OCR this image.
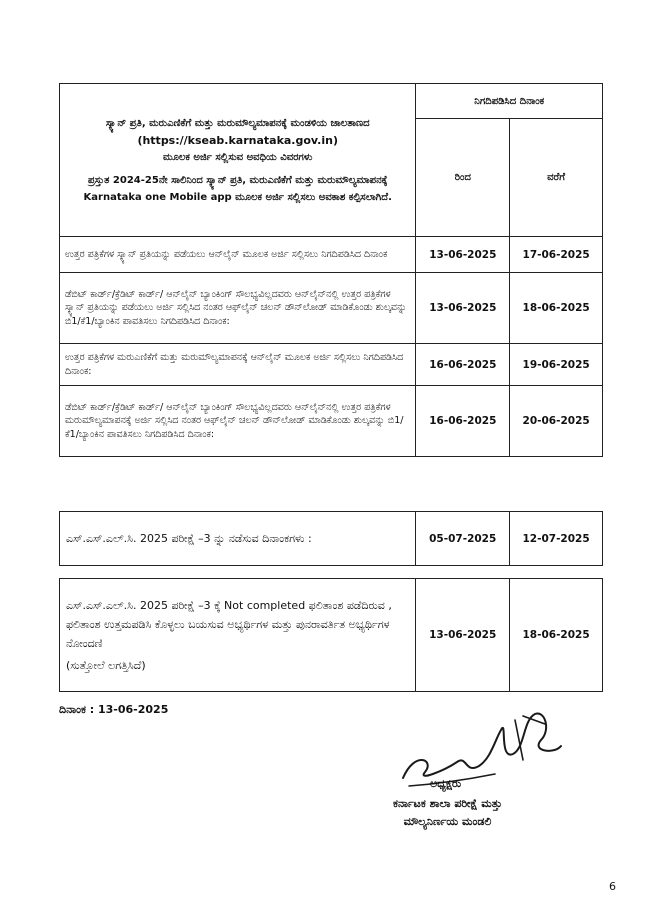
ಸ್ಕ್ಯಾನ್ ಪ್ರತಿ, ಮರುಎಣಿಕೆಗೆ ಮತ್ತು ಮರುಮೌಲ್ಯಮಾಪನಕ್ಕೆ ಮಂಡಳಿಯ ಜಾಲತಾಣದ
(https://kseab.karnataka.gov.in)
ಮೂಲಕ ಅರ್ಜಿ ಸಲ್ಲಿಸುವ ಅವಧಿಯ ವಿವರಗಳು
ಪ್ರಸ್ತುತ 2024-25ನೇ ಸಾಲಿನಿಂದ ಸ್ಕ್ಯಾನ್ ಪ್ರತಿ, ಮರುಎಣಿಕೆಗೆ ಮತ್ತು ಮರುಮೌಲ್ಯಮಾಪನಕ್ಕೆ Karnataka one Mobile app ಮೂಲಕ ಅರ್ಜಿ ಸಲ್ಲಿಸಲು ಅವಕಾಶ ಕಲ್ಪಿಸಲಾಗಿದೆ.	ನಿಗದಿಪಡಿಸಿದ ದಿನಾಂಕ	
	ರಿಂದ	ವರೆಗೆ
ಉತ್ತರ ಪತ್ರಿಕೆಗಳ ಸ್ಕ್ಯಾನ್ ಪ್ರತಿಯನ್ನು ಪಡೆಯಲು ಆನ್‌ಲೈನ್ ಮೂಲಕ ಅರ್ಜಿ ಸಲ್ಲಿಸಲು ನಿಗದಿಪಡಿಸಿದ ದಿನಾಂಕ	13-06-2025	17-06-2025
ಡೆಬಿಟ್ ಕಾರ್ಡ್/ಕ್ರೆಡಿಟ್ ಕಾರ್ಡ್/ ಆನ್‌ಲೈನ್ ಬ್ಯಾಂಕಿಂಗ್ ಸೌಲಭ್ಯವಿಲ್ಲದವರು ಆನ್‌ಲೈನ್‌ನಲ್ಲಿ ಉತ್ತರ ಪತ್ರಿಕೆಗಳ ಸ್ಕ್ಯಾನ್ ಪ್ರತಿಯನ್ನು ಪಡೆಯಲು ಅರ್ಜಿ ಸಲ್ಲಿಸಿದ ನಂತರ ಆಫ್‌ಲೈನ್ ಚಲನ್ ಡೌನ್‌ಲೋಡ್ ಮಾಡಿಕೊಂಡು ಶುಲ್ಕವನ್ನು ಬಿ1/ಕೆ1/ಬ್ಯಾಂಕಿನ ಪಾವತಿಸಲು ನಿಗದಿಪಡಿಸಿದ ದಿನಾಂಕ:	13-06-2025	18-06-2025
ಉತ್ತರ ಪತ್ರಿಕೆಗಳ ಮರುಎಣಿಕೆಗೆ ಮತ್ತು ಮರುಮೌಲ್ಯಮಾಪನಕ್ಕೆ ಆನ್‌ಲೈನ್ ಮೂಲಕ ಅರ್ಜಿ ಸಲ್ಲಿಸಲು ನಿಗದಿಪಡಿಸಿದ ದಿನಾಂಕ:	16-06-2025	19-06-2025
ಡೆಬಿಟ್ ಕಾರ್ಡ್/ಕ್ರೆಡಿಟ್ ಕಾರ್ಡ್/ ಆನ್‌ಲೈನ್ ಬ್ಯಾಂಕಿಂಗ್ ಸೌಲಭ್ಯವಿಲ್ಲದವರು ಆನ್‌ಲೈನ್‌ನಲ್ಲಿ ಉತ್ತರ ಪತ್ರಿಕೆಗಳ ಮರುಮೌಲ್ಯಮಾಪನಕ್ಕೆ ಅರ್ಜಿ ಸಲ್ಲಿಸಿದ ನಂತರ ಆಫ್‌ಲೈನ್ ಚಲನ್ ಡೌನ್‌ಲೋಡ್ ಮಾಡಿಕೊಂಡು ಶುಲ್ಕವನ್ನು ಬಿ1/ಕೆ1/ಬ್ಯಾಂಕಿನ ಪಾವತಿಸಲು ನಿಗದಿಪಡಿಸಿದ ದಿನಾಂಕ:	16-06-2025	20-06-2025
ಎಸ್.ಎಸ್.ಎಲ್.ಸಿ. 2025 ಪರೀಕ್ಷೆ –3 ನ್ನು ನಡೆಸುವ ದಿನಾಂಕಗಳು :	05-07-2025	12-07-2025
ಎಸ್.ಎಸ್.ಎಲ್.ಸಿ. 2025 ಪರೀಕ್ಷೆ –3 ಕ್ಕೆ Not completed ಫಲಿತಾಂಶ ಪಡೆದಿರುವ , ಫಲಿತಾಂಶ ಉತ್ತಮಪಡಿಸಿ ಕೊಳ್ಳಲು ಬಯಸುವ ಅಭ್ಯರ್ಥಿಗಳ ಮತ್ತು ಪುನರಾವರ್ತಿತ ಅಭ್ಯರ್ಥಿಗಳ ನೋಂದಣಿ
(ಸುತ್ತೋಲೆ ಲಗತ್ತಿಸಿದೆ)
	13-06-2025	18-06-2025
ದಿನಾಂಕ : 13-06-2025
ಅಧ್ಯಕ್ಷರು
ಕರ್ನಾಟಕ ಶಾಲಾ ಪರೀಕ್ಷೆ ಮತ್ತು
ಮೌಲ್ಯನಿರ್ಣಯ ಮಂಡಲಿ
6
